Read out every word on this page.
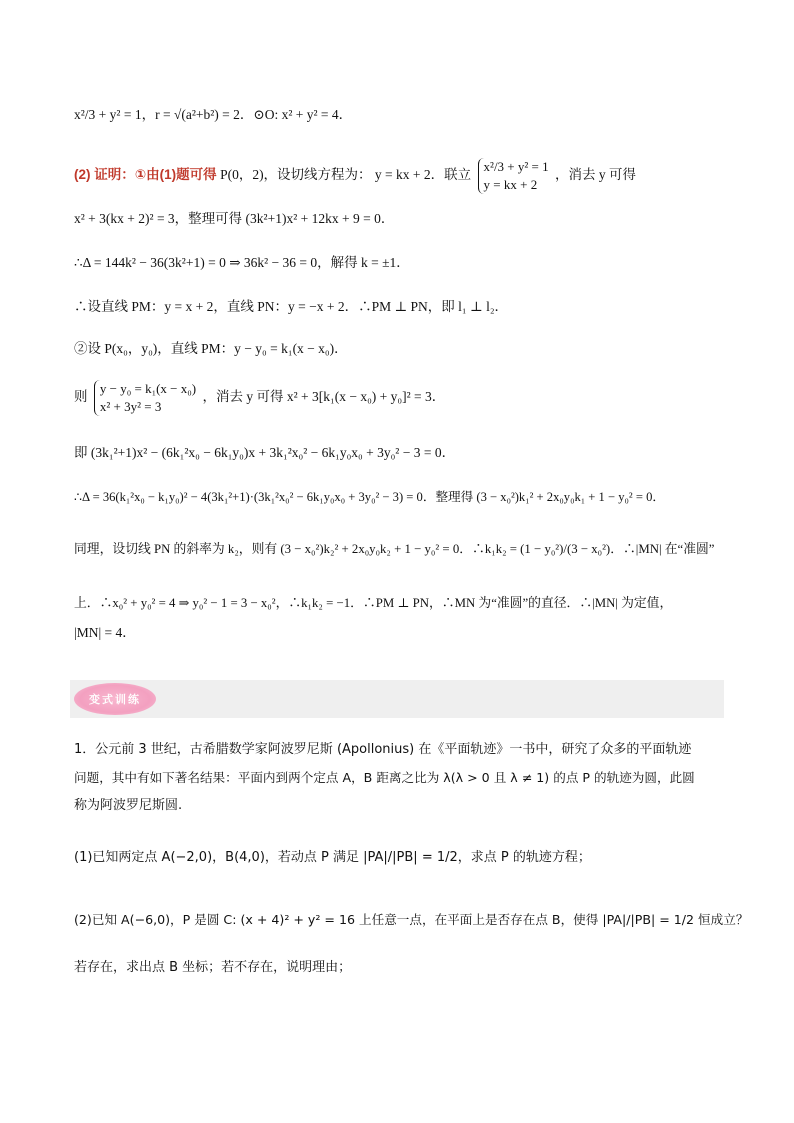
x²/3 + y² = 1，r = √(a²+b²) = 2．⊙O: x² + y² = 4．
(2) 证明：①由(1)题可得 P(0，2)，设切线方程为： y = kx + 2．联立
x²/3 + y² = 1
y = kx + 2
，消去 y 可得
x² + 3(kx + 2)² = 3，整理可得 (3k²+1)x² + 12kx + 9 = 0．
∴Δ = 144k² − 36(3k²+1) = 0 ⇒ 36k² − 36 = 0，解得 k = ±1．
∴设直线 PM：y = x + 2，直线 PN：y = −x + 2．∴PM ⊥ PN，即 l₁ ⊥ l₂．
②设 P(x₀，y₀)，直线 PM：y − y₀ = k₁(x − x₀)．
则
y − y₀ = k₁(x − x₀)
x² + 3y² = 3
，消去 y 可得 x² + 3[k₁(x − x₀) + y₀]² = 3．
即 (3k₁²+1)x² − (6k₁²x₀ − 6k₁y₀)x + 3k₁²x₀² − 6k₁y₀x₀ + 3y₀² − 3 = 0．
∴Δ = 36(k₁²x₀ − k₁y₀)² − 4(3k₁²+1)·(3k₁²x₀² − 6k₁y₀x₀ + 3y₀² − 3) = 0．整理得 (3 − x₀²)k₁² + 2x₀y₀k₁ + 1 − y₀² = 0．
同理，设切线 PN 的斜率为 k₂，则有 (3 − x₀²)k₂² + 2x₀y₀k₂ + 1 − y₀² = 0．∴k₁k₂ = (1 − y₀²)/(3 − x₀²)．∴|MN| 在“准圆”
上．∴x₀² + y₀² = 4 ⇒ y₀² − 1 = 3 − x₀²，∴k₁k₂ = −1．∴PM ⊥ PN，∴MN 为“准圆”的直径．∴|MN| 为定值，
|MN| = 4．
变式训练
1．公元前 3 世纪，古希腊数学家阿波罗尼斯 (Apollonius) 在《平面轨迹》一书中，研究了众多的平面轨迹
问题，其中有如下著名结果：平面内到两个定点 A，B 距离之比为 λ(λ > 0 且 λ ≠ 1) 的点 P 的轨迹为圆，此圆
称为阿波罗尼斯圆.
(1)已知两定点 A(−2,0)，B(4,0)，若动点 P 满足 |PA|/|PB| = 1/2，求点 P 的轨迹方程；
(2)已知 A(−6,0)，P 是圆 C: (x + 4)² + y² = 16 上任意一点，在平面上是否存在点 B，使得 |PA|/|PB| = 1/2 恒成立？
若存在，求出点 B 坐标；若不存在，说明理由；
